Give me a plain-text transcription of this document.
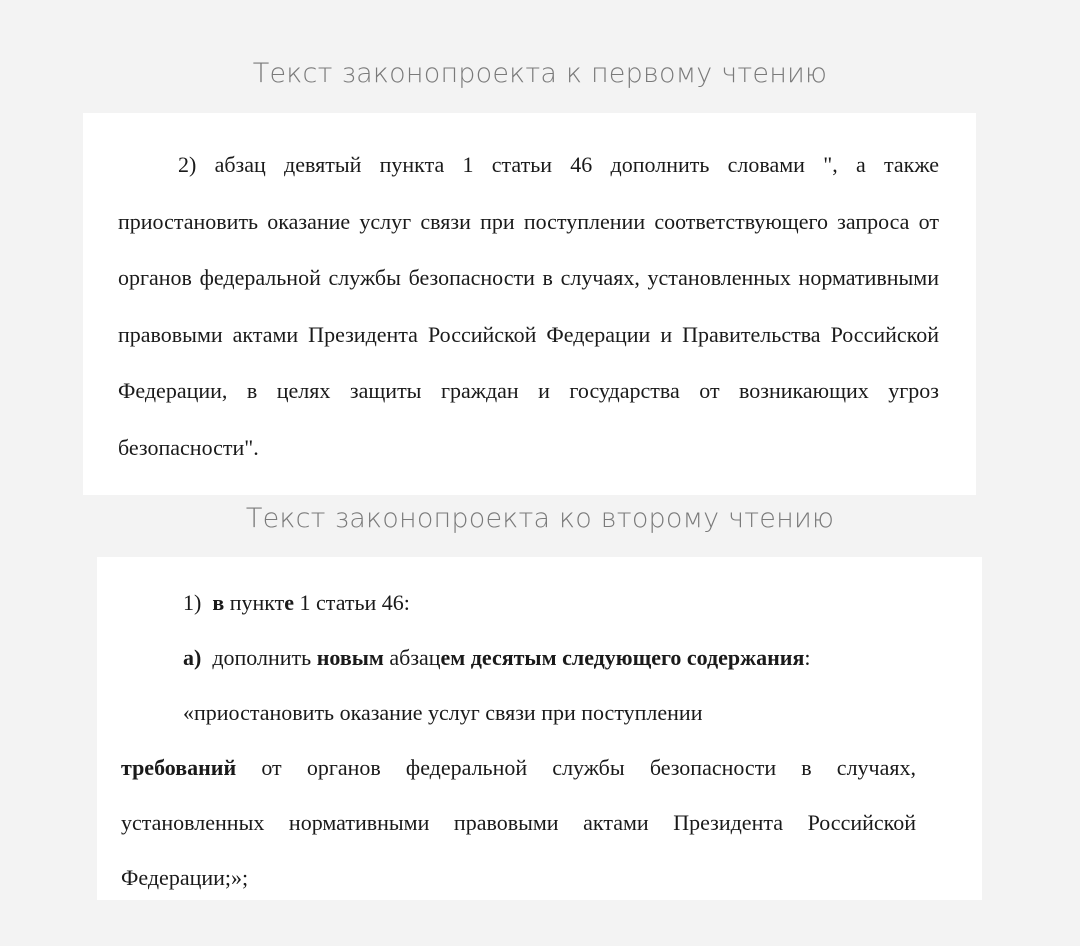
Текст законопроекта к первому чтению

2) абзац девятый пункта 1 статьи 46 дополнить словами ", а также приостановить оказание услуг связи при поступлении соответствующего запроса от органов федеральной службы безопасности в случаях, установленных нормативными правовыми актами Президента Российской Федерации и Правительства Российской Федерации, в целях защиты граждан и государства от возникающих угроз безопасности".

Текст законопроекта ко второму чтению

1) в пункте 1 статьи 46:

а) дополнить новым абзацем десятым следующего содержания:

«приостановить оказание услуг связи при поступлении

требований от органов федеральной службы безопасности в случаях,

установленных нормативными правовыми актами Президента Российской

Федерации;»;
